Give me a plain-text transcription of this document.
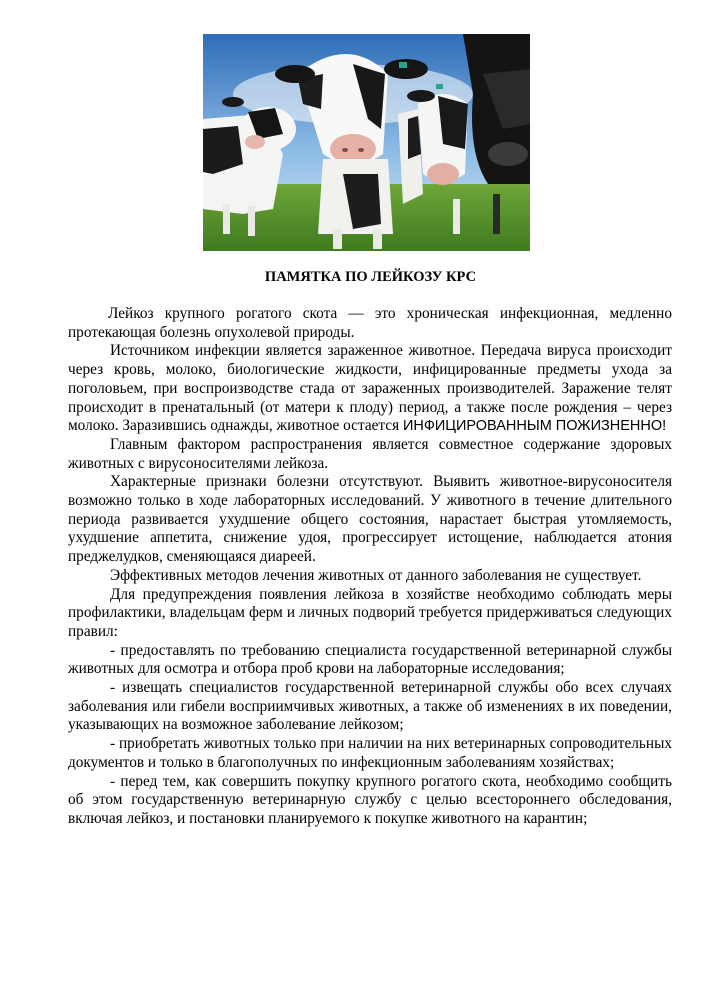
ПАМЯТКА ПО ЛЕЙКОЗУ КРС

Лейкоз крупного рогатого скота — это хроническая инфекционная, медленно протекающая болезнь опухолевой природы.

Источником инфекции является зараженное животное. Передача вируса происходит через кровь, молоко, биологические жидкости, инфицированные предметы ухода за поголовьем, при воспроизводстве стада от зараженных производителей. Заражение телят происходит в пренатальный (от матери к плоду) период, а также после рождения – через молоко. Заразившись однажды, животное остается ИНФИЦИРОВАННЫМ ПОЖИЗНЕННО!

Главным фактором распространения является совместное содержание здоровых животных с вирусоносителями лейкоза.

Характерные признаки болезни отсутствуют. Выявить животное-вирусоносителя возможно только в ходе лабораторных исследований. У животного в течение длительного периода развивается ухудшение общего состояния, нарастает быстрая утомляемость, ухудшение аппетита, снижение удоя, прогрессирует истощение, наблюдается атония преджелудков, сменяющаяся диареей.

Эффективных методов лечения животных от данного заболевания не существует.

Для предупреждения появления лейкоза в хозяйстве необходимо соблюдать меры профилактики, владельцам ферм и личных подворий требуется придерживаться следующих правил:

- предоставлять по требованию специалиста государственной ветеринарной службы животных для осмотра и отбора проб крови на лабораторные исследования;

- извещать специалистов государственной ветеринарной службы обо всех случаях заболевания или гибели восприимчивых животных, а также об изменениях в их поведении, указывающих на возможное заболевание лейкозом;

- приобретать животных только при наличии на них ветеринарных сопроводительных документов и только в благополучных по инфекционным заболеваниям хозяйствах;

- перед тем, как совершить покупку крупного рогатого скота, необходимо сообщить об этом государственную ветеринарную службу с целью всестороннего обследования, включая лейкоз, и постановки планируемого к покупке животного на карантин;
